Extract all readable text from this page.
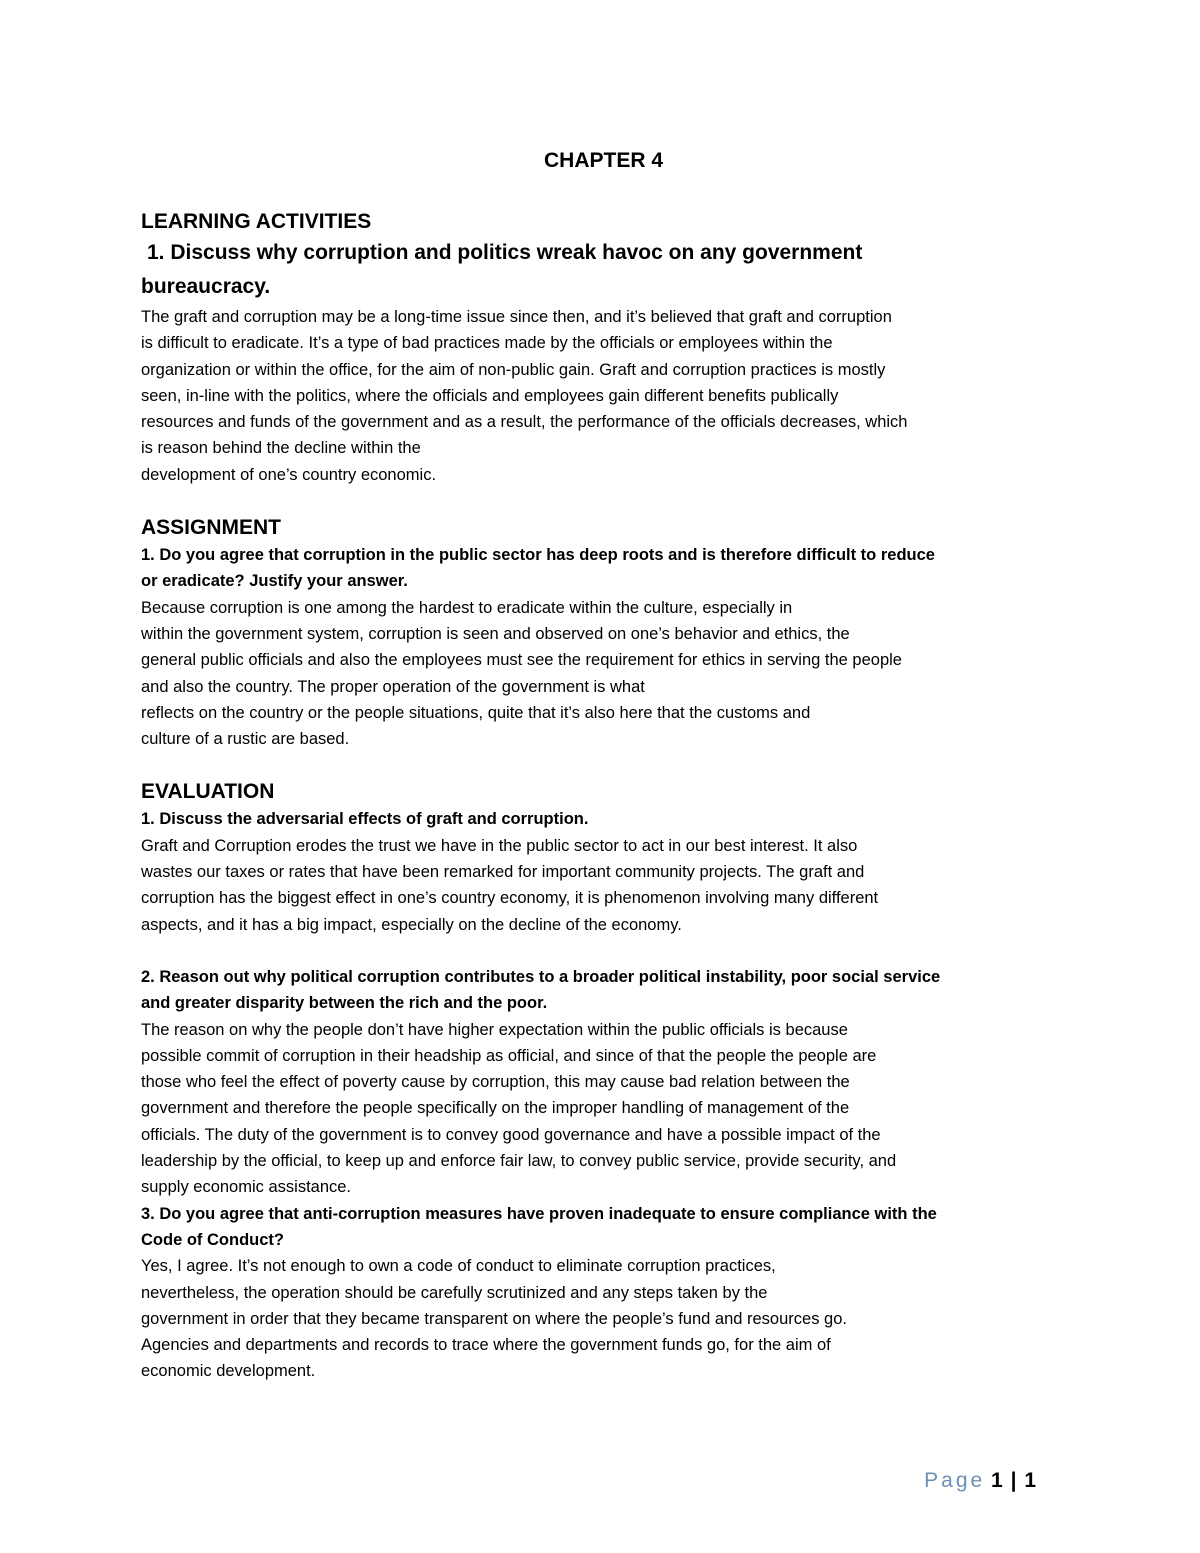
CHAPTER 4
LEARNING ACTIVITIES
1. Discuss why corruption and politics wreak havoc on any government
bureaucracy.
The graft and corruption may be a long-time issue since then, and it’s believed that graft and corruption
is difficult to eradicate. It’s a type of bad practices made by the officials or employees within the
organization or within the office, for the aim of non-public gain. Graft and corruption practices is mostly
seen, in-line with the politics, where the officials and employees gain different benefits publically
resources and funds of the government and as a result, the performance of the officials decreases, which
is reason behind the decline within the
development of one’s country economic.
ASSIGNMENT
1. Do you agree that corruption in the public sector has deep roots and is therefore difficult to reduce
or eradicate? Justify your answer.
Because corruption is one among the hardest to eradicate within the culture, especially in
within the government system, corruption is seen and observed on one’s behavior and ethics, the
general public officials and also the employees must see the requirement for ethics in serving the people
and also the country. The proper operation of the government is what
reflects on the country or the people situations, quite that it’s also here that the customs and
culture of a rustic are based.
EVALUATION
1. Discuss the adversarial effects of graft and corruption.
Graft and Corruption erodes the trust we have in the public sector to act in our best interest. It also
wastes our taxes or rates that have been remarked for important community projects. The graft and
corruption has the biggest effect in one’s country economy, it is phenomenon involving many different
aspects, and it has a big impact, especially on the decline of the economy.
2. Reason out why political corruption contributes to a broader political instability, poor social service
and greater disparity between the rich and the poor.
The reason on why the people don’t have higher expectation within the public officials is because
possible commit of corruption in their headship as official, and since of that the people the people are
those who feel the effect of poverty cause by corruption, this may cause bad relation between the
government and therefore the people specifically on the improper handling of management of the
officials. The duty of the government is to convey good governance and have a possible impact of the
leadership by the official, to keep up and enforce fair law, to convey public service, provide security, and
supply economic assistance.
3. Do you agree that anti-corruption measures have proven inadequate to ensure compliance with the
Code of Conduct?
Yes, I agree. It’s not enough to own a code of conduct to eliminate corruption practices,
nevertheless, the operation should be carefully scrutinized and any steps taken by the
government in order that they became transparent on where the people’s fund and resources go.
Agencies and departments and records to trace where the government funds go, for the aim of
economic development.
Page 1 | 1
